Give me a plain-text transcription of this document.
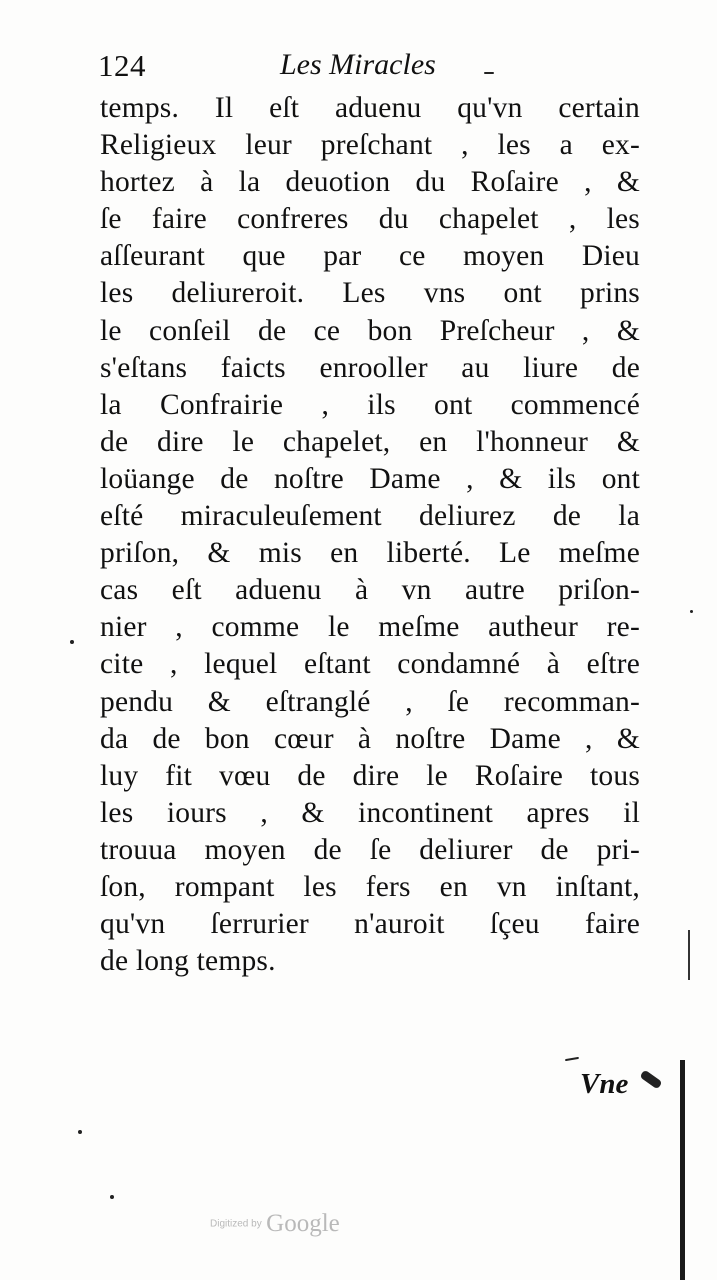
124	Les Miracles
temps. Il eſt aduenu qu'vn certain
Religieux leur preſchant , les a ex-
hortez à la deuotion du Roſaire , &
ſe faire confreres du chapelet , les
aſſeurant que par ce moyen Dieu
les deliureroit. Les vns ont prins
le conſeil de ce bon Preſcheur , &
s'eſtans faicts enrooller au liure de
la Confrairie , ils ont commencé
de dire le chapelet, en l'honneur &
loüange de noſtre Dame , & ils ont
eſté miraculeuſement deliurez de la
priſon, & mis en liberté. Le meſme
cas eſt aduenu à vn autre priſon-
nier , comme le meſme autheur re-
cite , lequel eſtant condamné à eſtre
pendu & eſtranglé , ſe recomman-
da de bon cœur à noſtre Dame , &
luy fit vœu de dire le Roſaire tous
les iours , & incontinent apres il
trouua moyen de ſe deliurer de pri-
ſon, rompant les fers en vn inſtant,
qu'vn ſerrurier n'auroit ſçeu faire
de long temps.
Vne
Digitized by Google
